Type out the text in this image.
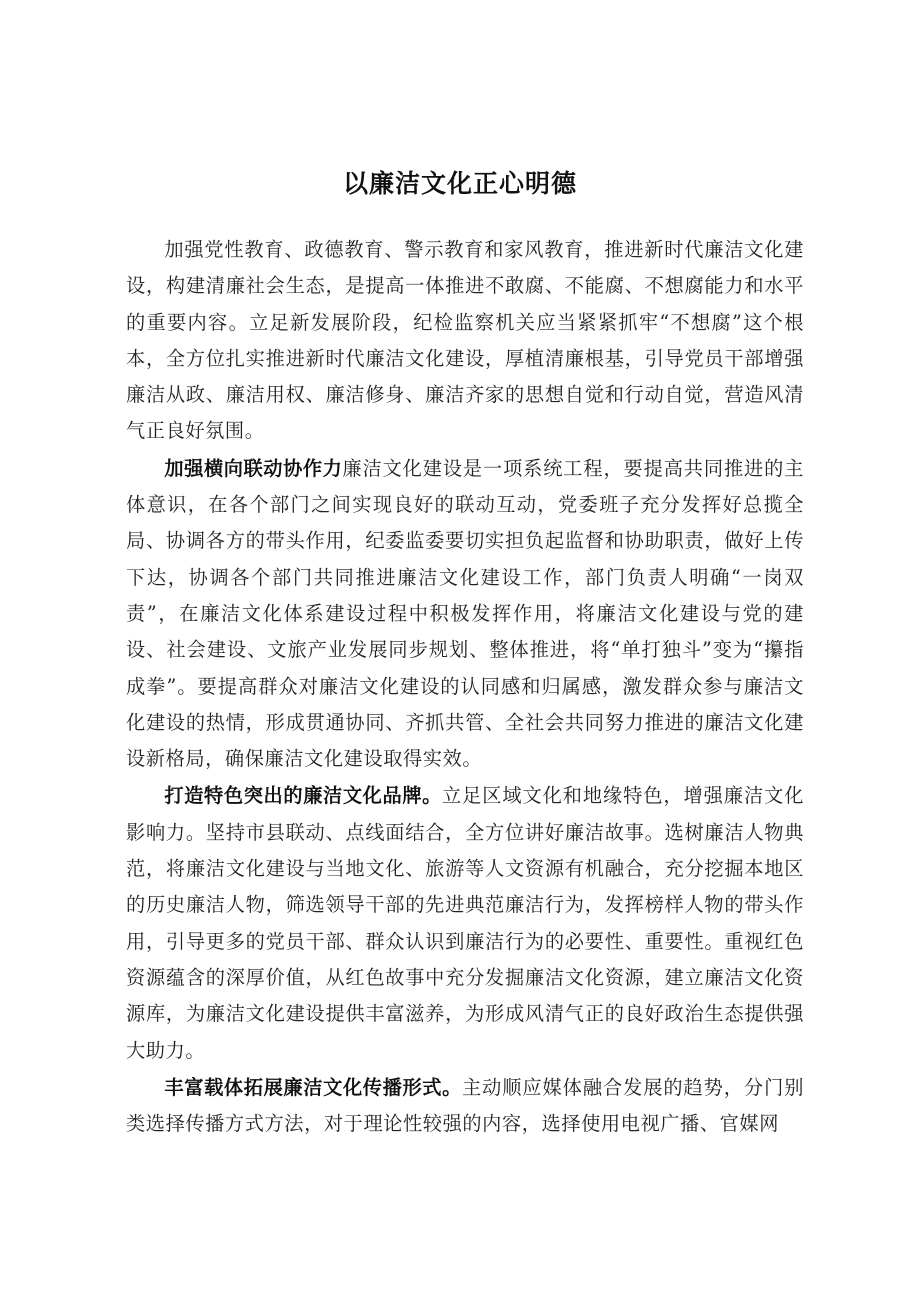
以廉洁文化正心明德

加强党性教育、政德教育、警示教育和家风教育，推进新时代廉洁文化建设，构建清廉社会生态，是提高一体推进不敢腐、不能腐、不想腐能力和水平的重要内容。立足新发展阶段，纪检监察机关应当紧紧抓牢“不想腐”这个根本，全方位扎实推进新时代廉洁文化建设，厚植清廉根基，引导党员干部增强廉洁从政、廉洁用权、廉洁修身、廉洁齐家的思想自觉和行动自觉，营造风清气正良好氛围。

加强横向联动协作力廉洁文化建设是一项系统工程，要提高共同推进的主体意识，在各个部门之间实现良好的联动互动，党委班子充分发挥好总揽全局、协调各方的带头作用，纪委监委要切实担负起监督和协助职责，做好上传下达，协调各个部门共同推进廉洁文化建设工作，部门负责人明确“一岗双责”，在廉洁文化体系建设过程中积极发挥作用，将廉洁文化建设与党的建设、社会建设、文旅产业发展同步规划、整体推进，将“单打独斗”变为“攥指成拳”。要提高群众对廉洁文化建设的认同感和归属感，激发群众参与廉洁文化建设的热情，形成贯通协同、齐抓共管、全社会共同努力推进的廉洁文化建设新格局，确保廉洁文化建设取得实效。

打造特色突出的廉洁文化品牌。立足区域文化和地缘特色，增强廉洁文化影响力。坚持市县联动、点线面结合，全方位讲好廉洁故事。选树廉洁人物典范，将廉洁文化建设与当地文化、旅游等人文资源有机融合，充分挖掘本地区的历史廉洁人物，筛选领导干部的先进典范廉洁行为，发挥榜样人物的带头作用，引导更多的党员干部、群众认识到廉洁行为的必要性、重要性。重视红色资源蕴含的深厚价值，从红色故事中充分发掘廉洁文化资源，建立廉洁文化资源库，为廉洁文化建设提供丰富滋养，为形成风清气正的良好政治生态提供强大助力。

丰富载体拓展廉洁文化传播形式。主动顺应媒体融合发展的趋势，分门别类选择传播方式方法，对于理论性较强的内容，选择使用电视广播、官媒网
